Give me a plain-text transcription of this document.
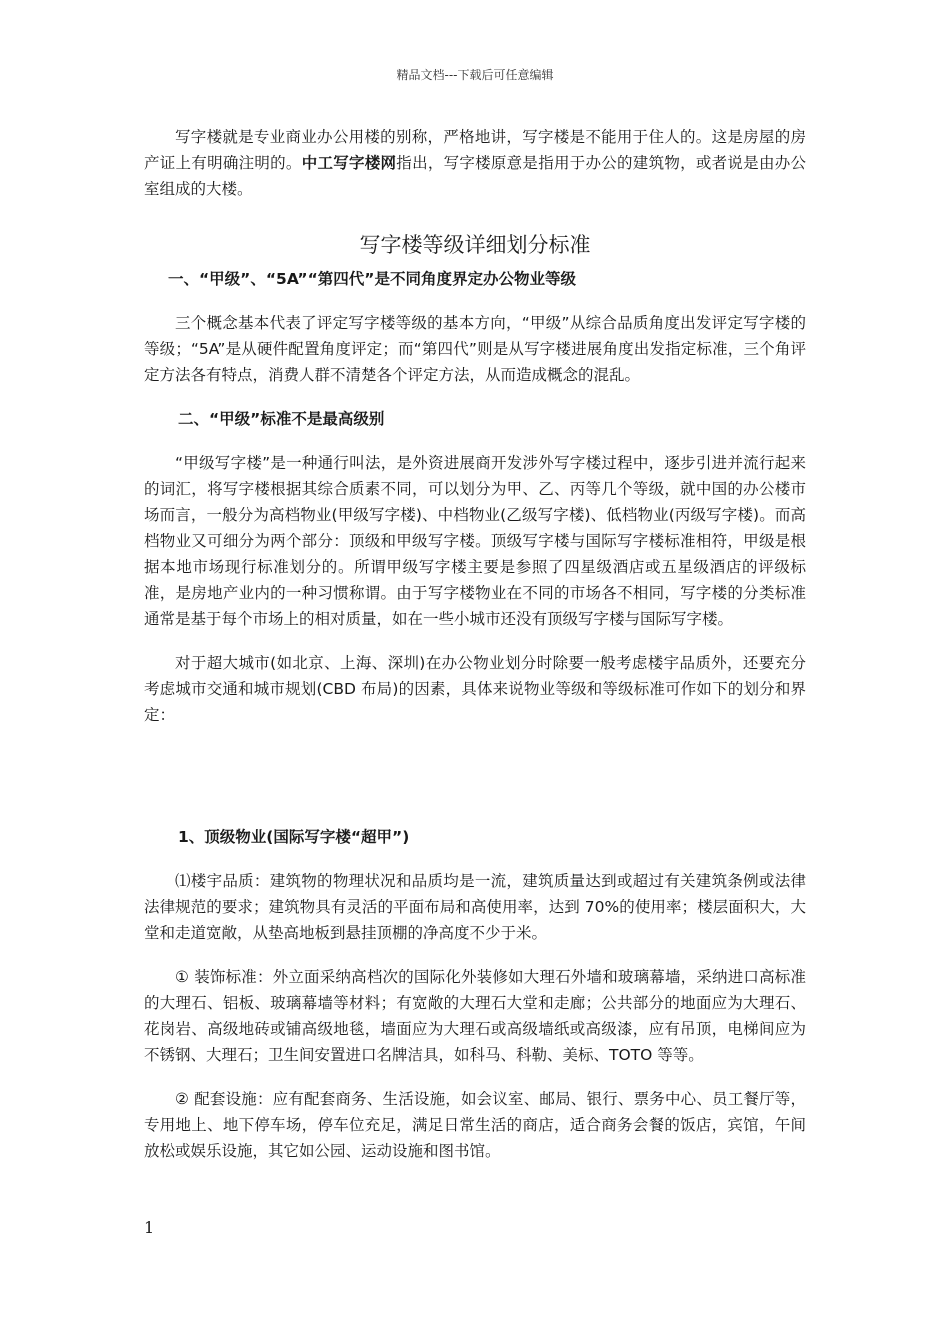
精品文档---下载后可任意编辑

写字楼就是专业商业办公用楼的别称，严格地讲，写字楼是不能用于住人的。这是房屋的房产证上有明确注明的。中工写字楼网指出，写字楼原意是指用于办公的建筑物，或者说是由办公室组成的大楼。

写字楼等级详细划分标准
一、“甲级”、“5A”“第四代”是不同角度界定办公物业等级

三个概念基本代表了评定写字楼等级的基本方向，“甲级”从综合品质角度出发评定写字楼的等级；“5A”是从硬件配置角度评定；而“第四代”则是从写字楼进展角度出发指定标准，三个角评定方法各有特点，消费人群不清楚各个评定方法，从而造成概念的混乱。

二、“甲级”标准不是最高级别

“甲级写字楼”是一种通行叫法，是外资进展商开发涉外写字楼过程中，逐步引进并流行起来的词汇，将写字楼根据其综合质素不同，可以划分为甲、乙、丙等几个等级，就中国的办公楼市场而言，一般分为高档物业(甲级写字楼)、中档物业(乙级写字楼)、低档物业(丙级写字楼)。而高档物业又可细分为两个部分：顶级和甲级写字楼。顶级写字楼与国际写字楼标准相符，甲级是根据本地市场现行标准划分的。所谓甲级写字楼主要是参照了四星级酒店或五星级酒店的评级标准，是房地产业内的一种习惯称谓。由于写字楼物业在不同的市场各不相同，写字楼的分类标准通常是基于每个市场上的相对质量，如在一些小城市还没有顶级写字楼与国际写字楼。

对于超大城市(如北京、上海、深圳)在办公物业划分时除要一般考虑楼宇品质外，还要充分考虑城市交通和城市规划(CBD 布局)的因素，具体来说物业等级和等级标准可作如下的划分和界定：

1、顶级物业(国际写字楼“超甲”)

⑴楼宇品质：建筑物的物理状况和品质均是一流，建筑质量达到或超过有关建筑条例或法律法律规范的要求；建筑物具有灵活的平面布局和高使用率，达到 70%的使用率；楼层面积大，大堂和走道宽敞，从垫高地板到悬挂顶棚的净高度不少于米。

① 装饰标准：外立面采纳高档次的国际化外装修如大理石外墙和玻璃幕墙，采纳进口高标准的大理石、铝板、玻璃幕墙等材料；有宽敞的大理石大堂和走廊；公共部分的地面应为大理石、花岗岩、高级地砖或铺高级地毯，墙面应为大理石或高级墙纸或高级漆，应有吊顶，电梯间应为不锈钢、大理石；卫生间安置进口名牌洁具，如科马、科勒、美标、TOTO 等等。

② 配套设施：应有配套商务、生活设施，如会议室、邮局、银行、票务中心、员工餐厅等，专用地上、地下停车场，停车位充足，满足日常生活的商店，适合商务会餐的饭店，宾馆，午间放松或娱乐设施，其它如公园、运动设施和图书馆。

1
